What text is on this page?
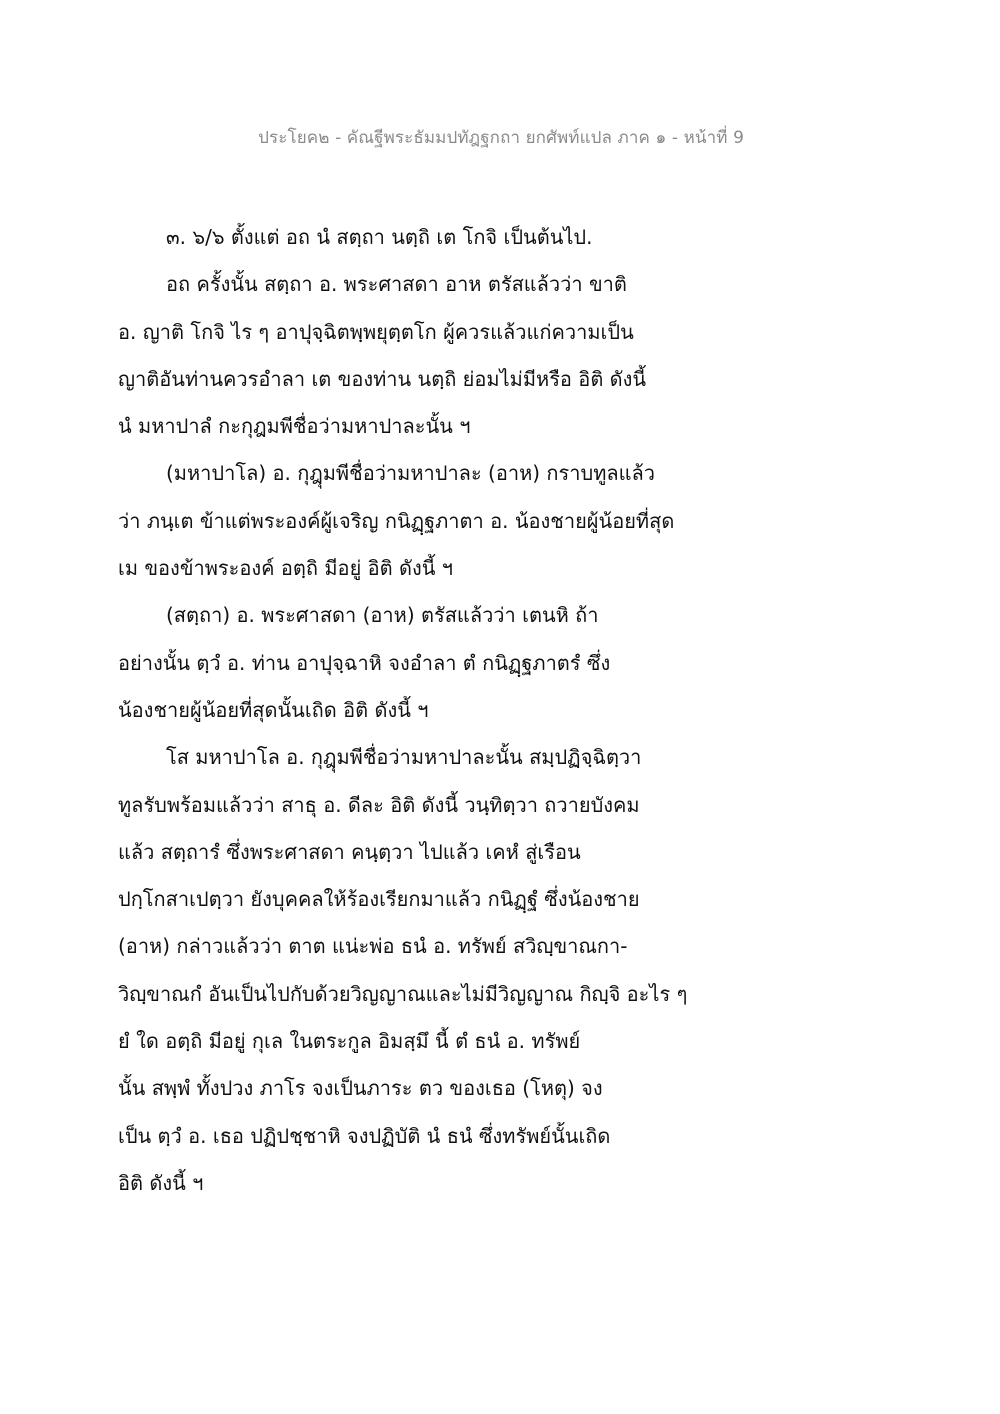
ประโยค๒ - คัณฐีพระธัมมปทัฎฐกถา ยกศัพท์แปล ภาค ๑ - หน้าที่ 9
๓. ๖/๖ ตั้งแต่ อถ นํ สตฺถา นตฺถิ เต โกจิ เป็นต้นไป.
อถ ครั้งนั้น สตฺถา อ. พระศาสดา อาห ตรัสแล้วว่า ขาติ
อ. ญาติ โกจิ ไร ๆ อาปุจฺฉิตพฺพยุตฺตโก ผู้ควรแล้วแก่ความเป็น
ญาติอันท่านควรอำลา เต ของท่าน นตฺถิ ย่อมไม่มีหรือ อิติ ดังนี้
นํ มหาปาลํ กะกุฎมพีชื่อว่ามหาปาละนั้น ฯ
(มหาปาโล) อ. กุฎุมพีชื่อว่ามหาปาละ (อาห) กราบทูลแล้ว
ว่า ภนฺเต ข้าแต่พระองค์ผู้เจริญ กนิฏฺฐภาตา อ. น้องชายผู้น้อยที่สุด
เม ของข้าพระองค์ อตฺถิ มีอยู่ อิติ ดังนี้ ฯ
(สตฺถา) อ. พระศาสดา (อาห) ตรัสแล้วว่า เตนหิ ถ้า
อย่างนั้น ตฺวํ อ. ท่าน อาปุจฺฉาหิ จงอำลา ตํ กนิฏฺฐภาตรํ ซึ่ง
น้องชายผู้น้อยที่สุดนั้นเถิด อิติ ดังนี้ ฯ
โส มหาปาโล อ. กุฎุมพีชื่อว่ามหาปาละนั้น สมฺปฏิจฺฉิตฺวา
ทูลรับพร้อมแล้วว่า สาธุ อ. ดีละ อิติ ดังนี้ วนฺทิตฺวา ถวายบังคม
แล้ว สตฺถารํ ซึ่งพระศาสดา คนฺตฺวา ไปแล้ว เคหํ สู่เรือน
ปกฺโกสาเปตฺวา ยังบุคคลให้ร้องเรียกมาแล้ว กนิฏฺฐํ ซึ่งน้องชาย
(อาห) กล่าวแล้วว่า ตาต แน่ะพ่อ ธนํ อ. ทรัพย์ สวิญฺขาณกา-
วิญฺขาณกํ อันเป็นไปกับด้วยวิญญาณและไม่มีวิญญาณ กิญฺจิ อะไร ๆ
ยํ ใด อตฺถิ มีอยู่ กุเล ในตระกูล อิมสฺมึ นี้ ตํ ธนํ อ. ทรัพย์
นั้น สพฺพํ ทั้งปวง ภาโร จงเป็นภาระ ตว ของเธอ (โหตุ) จง
เป็น ตฺวํ อ. เธอ ปฏิปชฺชาหิ จงปฏิบัติ นํ ธนํ ซึ่งทรัพย์นั้นเถิด
อิติ ดังนี้ ฯ
